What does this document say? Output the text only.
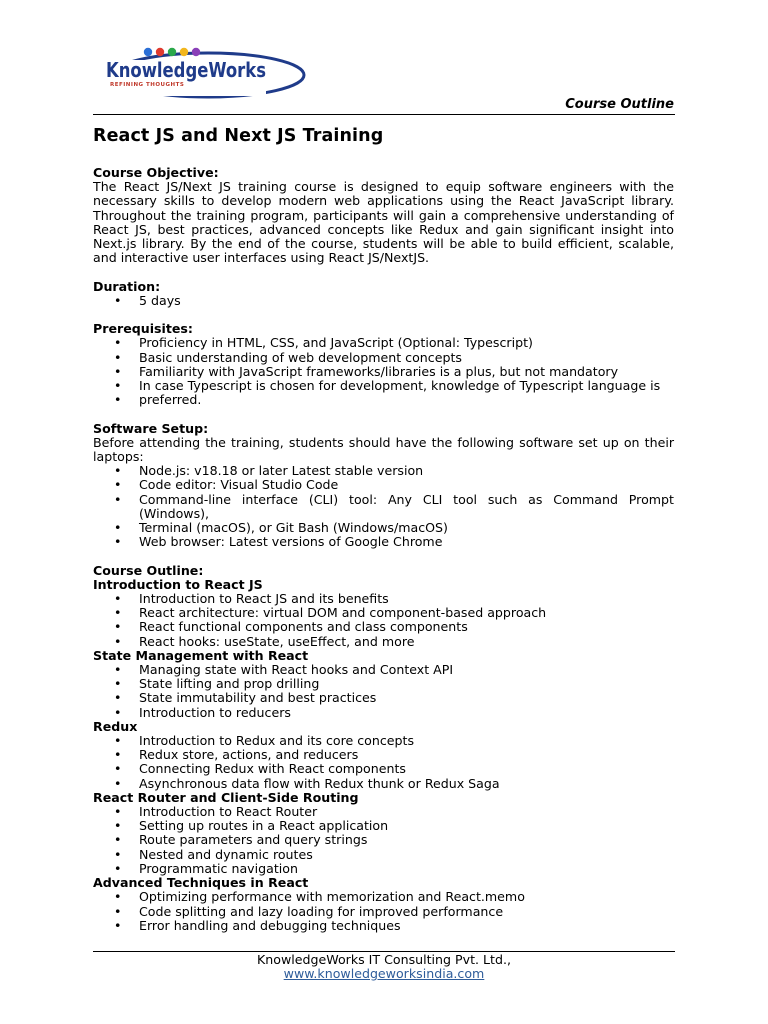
KnowledgeWorks
REFINING THOUGHTS
Course Outline
React JS and Next JS Training

Course Objective:

The React JS/Next JS training course is designed to equip software engineers with the necessary skills to develop modern web applications using the React JavaScript library. Throughout the training program, participants will gain a comprehensive understanding of React JS, best practices, advanced concepts like Redux and gain significant insight into Next.js library. By the end of the course, students will be able to build efficient, scalable, and interactive user interfaces using React JS/NextJS.

Duration:

• 5 days

Prerequisites:

• Proficiency in HTML, CSS, and JavaScript (Optional: Typescript)
• Basic understanding of web development concepts
• Familiarity with JavaScript frameworks/libraries is a plus, but not mandatory
• In case Typescript is chosen for development, knowledge of Typescript language is
• preferred.

Software Setup:

Before attending the training, students should have the following software set up on their laptops:

• Node.js: v18.18 or later Latest stable version
• Code editor: Visual Studio Code
• Command-line interface (CLI) tool: Any CLI tool such as Command Prompt (Windows),
• Terminal (macOS), or Git Bash (Windows/macOS)
• Web browser: Latest versions of Google Chrome

Course Outline:

Introduction to React JS

• Introduction to React JS and its benefits
• React architecture: virtual DOM and component-based approach
• React functional components and class components
• React hooks: useState, useEffect, and more

State Management with React

• Managing state with React hooks and Context API
• State lifting and prop drilling
• State immutability and best practices
• Introduction to reducers

Redux

• Introduction to Redux and its core concepts
• Redux store, actions, and reducers
• Connecting Redux with React components
• Asynchronous data flow with Redux thunk or Redux Saga

React Router and Client-Side Routing

• Introduction to React Router
• Setting up routes in a React application
• Route parameters and query strings
• Nested and dynamic routes
• Programmatic navigation

Advanced Techniques in React

• Optimizing performance with memorization and React.memo
• Code splitting and lazy loading for improved performance
• Error handling and debugging techniques
KnowledgeWorks IT Consulting Pvt. Ltd.,
www.knowledgeworksindia.com
